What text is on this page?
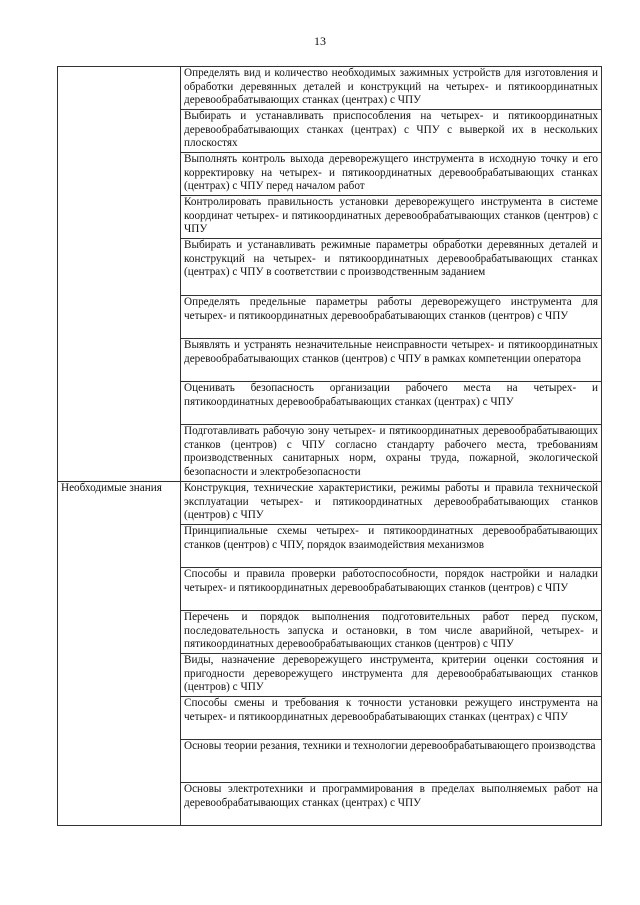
13
	Определять вид и количество необходимых зажимных устройств для изготовления и обработки деревянных деталей и конструкций на четырех- и пятикоординатных деревообрабатывающих станках (центрах) с ЧПУ
	Выбирать и устанавливать приспособления на четырех- и пятикоординатных деревообрабатывающих станках (центрах) с ЧПУ с выверкой их в нескольких плоскостях
	Выполнять контроль выхода дереворежущего инструмента в исходную точку и его корректировку на четырех- и пятикоординатных деревообрабатывающих станках (центрах) с ЧПУ перед началом работ
	Контролировать правильность установки дереворежущего инструмента в системе координат четырех- и пятикоординатных деревообрабатывающих станков (центров) с ЧПУ
	Выбирать и устанавливать режимные параметры обработки деревянных деталей и конструкций на четырех- и пятикоординатных деревообрабатывающих станках (центрах) с ЧПУ в соответствии с производственным заданием
	Определять предельные параметры работы дереворежущего инструмента для четырех- и пятикоординатных деревообрабатывающих станков (центров) с ЧПУ
	Выявлять и устранять незначительные неисправности четырех- и пятикоординатных деревообрабатывающих станков (центров) с ЧПУ в рамках компетенции оператора
	Оценивать безопасность организации рабочего места на четырех- и пятикоординатных деревообрабатывающих станках (центрах) с ЧПУ
	Подготавливать рабочую зону четырех- и пятикоординатных деревообрабатывающих станков (центров) с ЧПУ согласно стандарту рабочего места, требованиям производственных санитарных норм, охраны труда, пожарной, экологической безопасности и электробезопасности
Необходимые знания	Конструкция, технические характеристики, режимы работы и правила технической эксплуатации четырех- и пятикоординатных деревообрабатывающих станков (центров) с ЧПУ
	Принципиальные схемы четырех- и пятикоординатных деревообрабатывающих станков (центров) с ЧПУ, порядок взаимодействия механизмов
	Способы и правила проверки работоспособности, порядок настройки и наладки четырех- и пятикоординатных деревообрабатывающих станков (центров) с ЧПУ
	Перечень и порядок выполнения подготовительных работ перед пуском, последовательность запуска и остановки, в том числе аварийной, четырех- и пятикоординатных деревообрабатывающих станков (центров) с ЧПУ
	Виды, назначение дереворежущего инструмента, критерии оценки состояния и пригодности дереворежущего инструмента для деревообрабатывающих станков (центров) с ЧПУ
	Способы смены и требования к точности установки режущего инструмента на четырех- и пятикоординатных деревообрабатывающих станках (центрах) с ЧПУ
	Основы теории резания, техники и технологии деревообрабатывающего производства
	Основы электротехники и программирования в пределах выполняемых работ на деревообрабатывающих станках (центрах) с ЧПУ
